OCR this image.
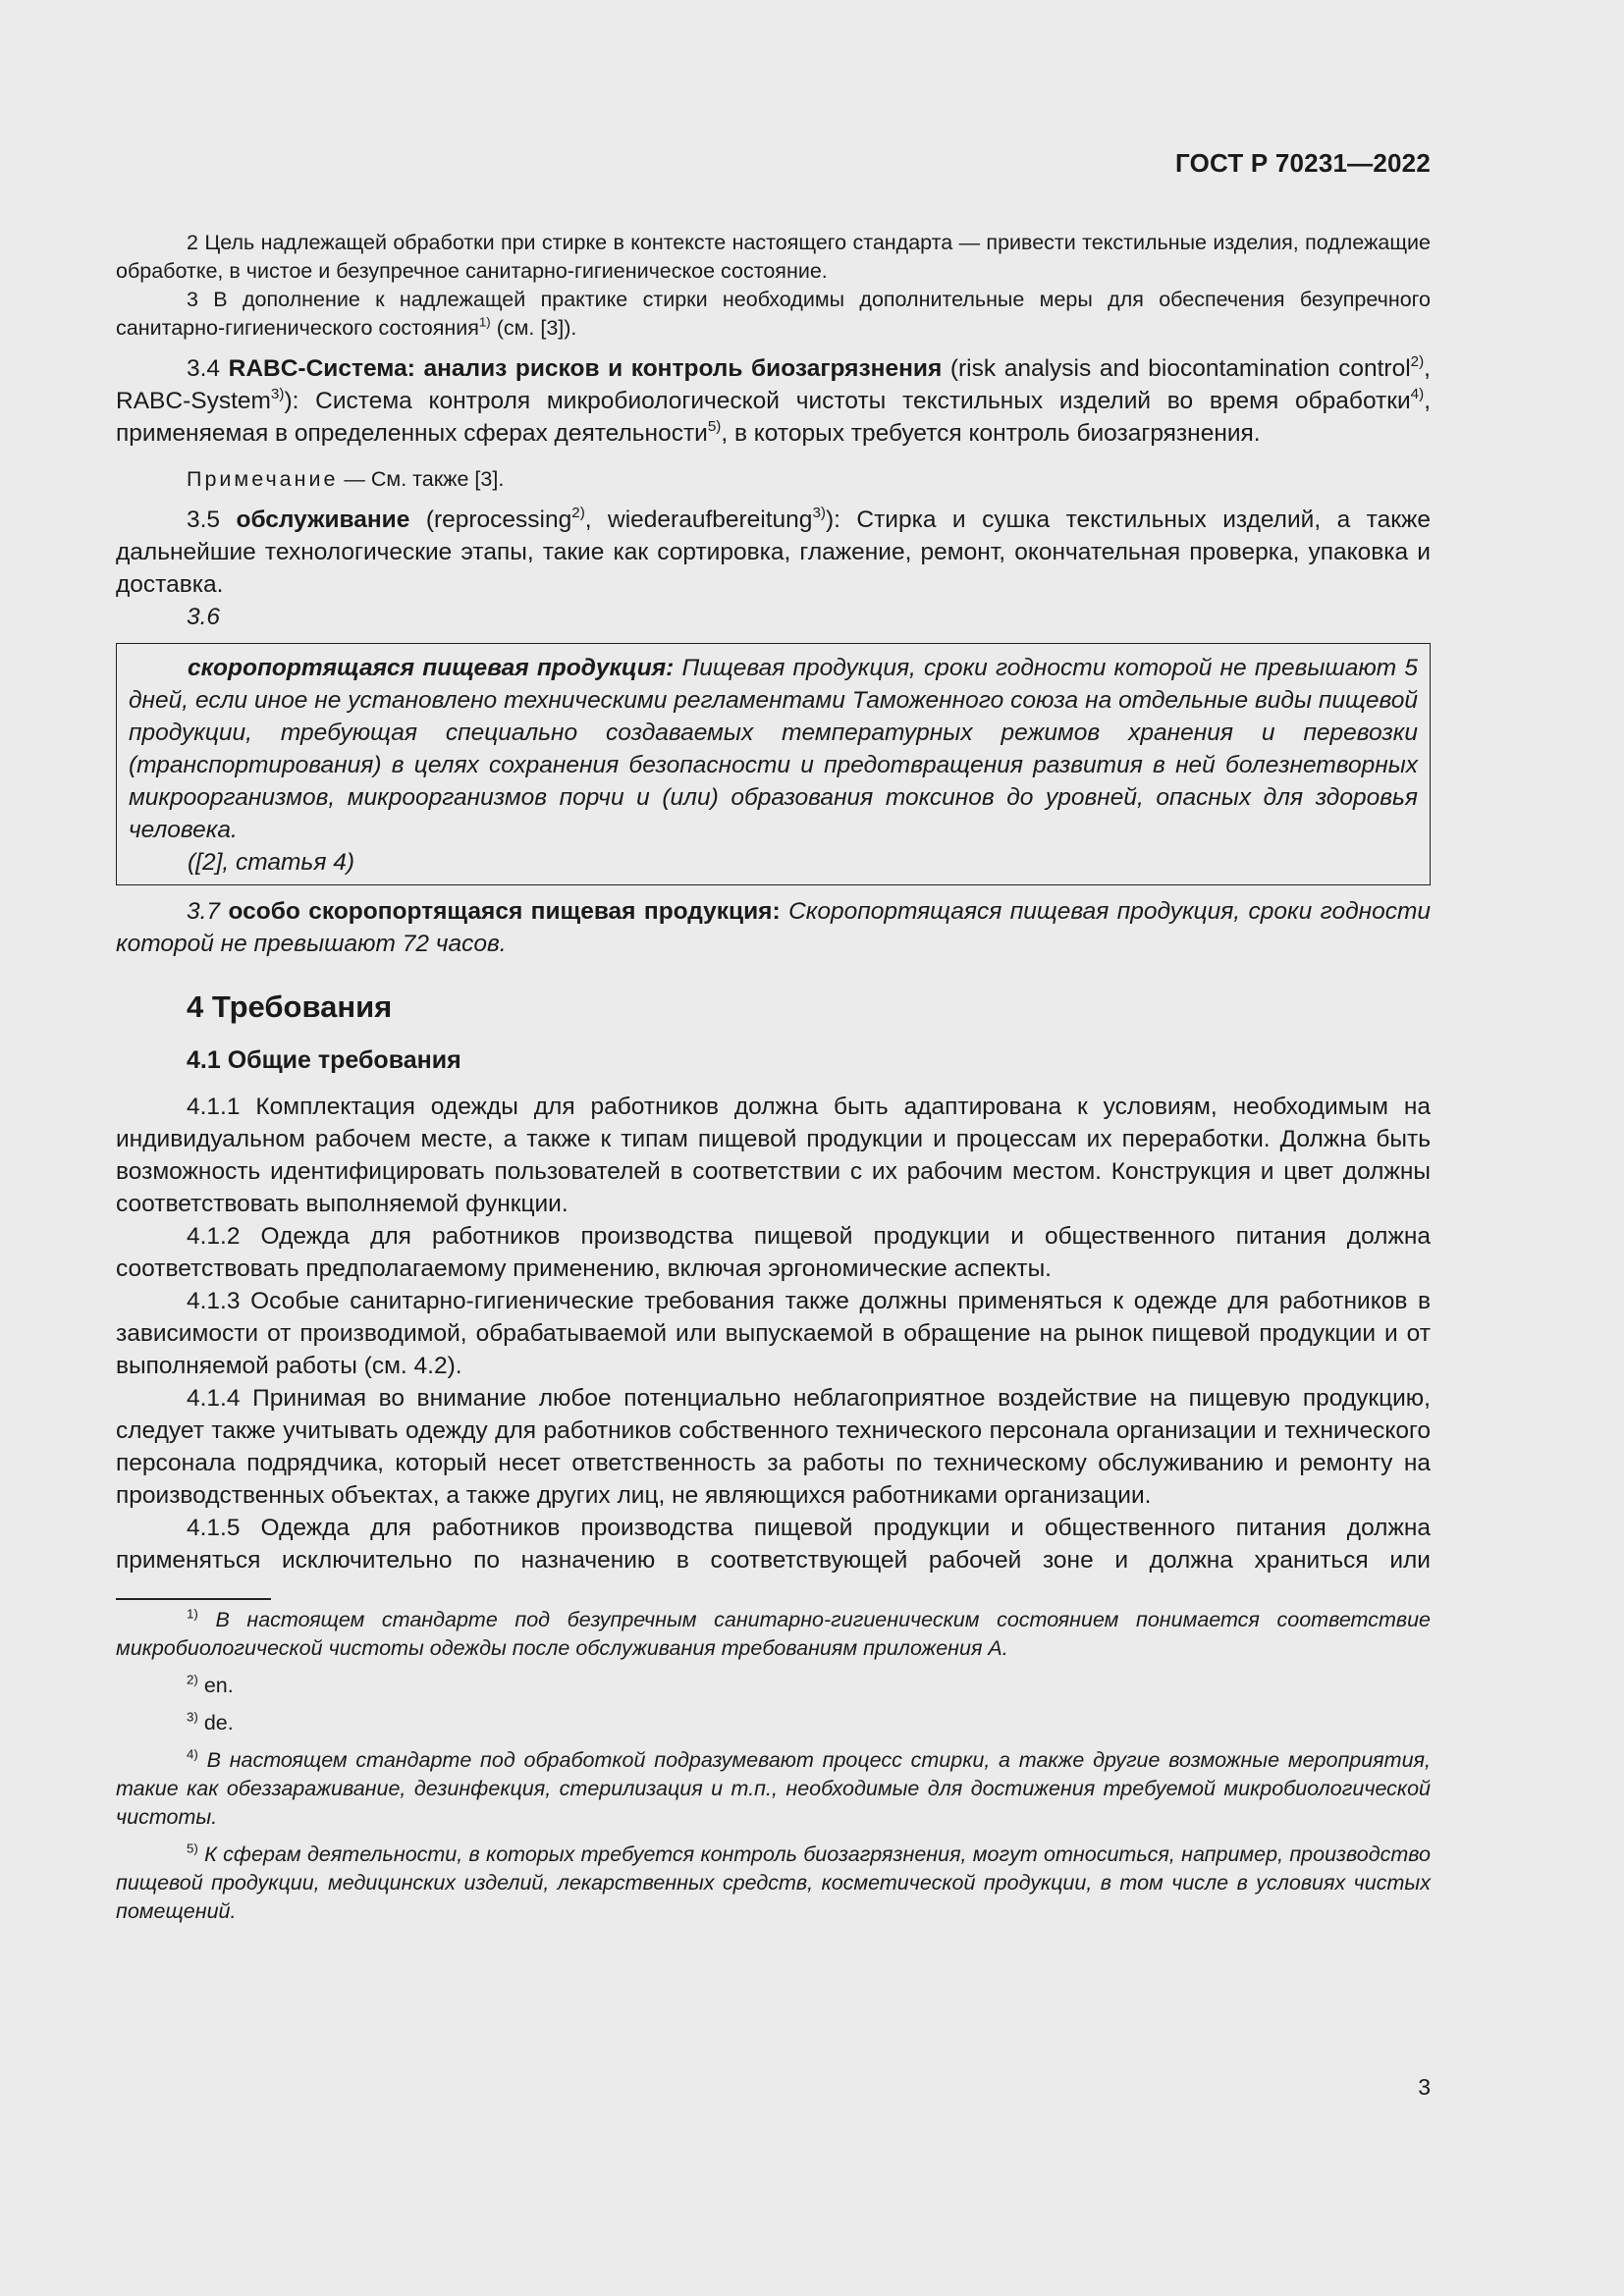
ГОСТ Р 70231—2022

2 Цель надлежащей обработки при стирке в контексте настоящего стандарта — привести текстильные изделия, подлежащие обработке, в чистое и безупречное санитарно-гигиеническое состояние.

3 В дополнение к надлежащей практике стирки необходимы дополнительные меры для обеспечения безупречного санитарно-гигиенического состояния$^{1)}$ (см. [3]).

3.4 RABC-Система: анализ рисков и контроль биозагрязнения (risk analysis and biocontamination control$^{2)}$, RABC-System$^{3)}$): Система контроля микробиологической чистоты текстильных изделий во время обработки$^{4)}$, применяемая в определенных сферах деятельности$^{5)}$, в которых требуется контроль биозагрязнения.

Примечание — См. также [3].

3.5 обслуживание (reprocessing$^{2)}$, wiederaufbereitung$^{3)}$): Стирка и сушка текстильных изделий, а также дальнейшие технологические этапы, такие как сортировка, глажение, ремонт, окончательная проверка, упаковка и доставка.

3.6

скоропортящаяся пищевая продукция: Пищевая продукция, сроки годности которой не превышают 5 дней, если иное не установлено техническими регламентами Таможенного союза на отдельные виды пищевой продукции, требующая специально создаваемых температурных режимов хранения и перевозки (транспортирования) в целях сохранения безопасности и предотвращения развития в ней болезнетворных микроорганизмов, микроорганизмов порчи и (или) образования токсинов до уровней, опасных для здоровья человека.

([2], статья 4)

3.7 особо скоропортящаяся пищевая продукция: Скоропортящаяся пищевая продукция, сроки годности которой не превышают 72 часов.

4 Требования
4.1 Общие требования

4.1.1 Комплектация одежды для работников должна быть адаптирована к условиям, необходимым на индивидуальном рабочем месте, а также к типам пищевой продукции и процессам их переработки. Должна быть возможность идентифицировать пользователей в соответствии с их рабочим местом. Конструкция и цвет должны соответствовать выполняемой функции.

4.1.2 Одежда для работников производства пищевой продукции и общественного питания должна соответствовать предполагаемому применению, включая эргономические аспекты.

4.1.3 Особые санитарно-гигиенические требования также должны применяться к одежде для работников в зависимости от производимой, обрабатываемой или выпускаемой в обращение на рынок пищевой продукции и от выполняемой работы (см. 4.2).

4.1.4 Принимая во внимание любое потенциально неблагоприятное воздействие на пищевую продукцию, следует также учитывать одежду для работников собственного технического персонала организации и технического персонала подрядчика, который несет ответственность за работы по техническому обслуживанию и ремонту на производственных объектах, а также других лиц, не являющихся работниками организации.

4.1.5 Одежда для работников производства пищевой продукции и общественного питания должна применяться исключительно по назначению в соответствующей рабочей зоне и должна храниться или

$^{1)}$ В настоящем стандарте под безупречным санитарно-гигиеническим состоянием понимается соответствие микробиологической чистоты одежды после обслуживания требованиям приложения А.

$^{2)}$ en.

$^{3)}$ de.

$^{4)}$ В настоящем стандарте под обработкой подразумевают процесс стирки, а также другие возможные мероприятия, такие как обеззараживание, дезинфекция, стерилизация и т.п., необходимые для достижения требуемой микробиологической чистоты.

$^{5)}$ К сферам деятельности, в которых требуется контроль биозагрязнения, могут относиться, например, производство пищевой продукции, медицинских изделий, лекарственных средств, косметической продукции, в том числе в условиях чистых помещений.

3
